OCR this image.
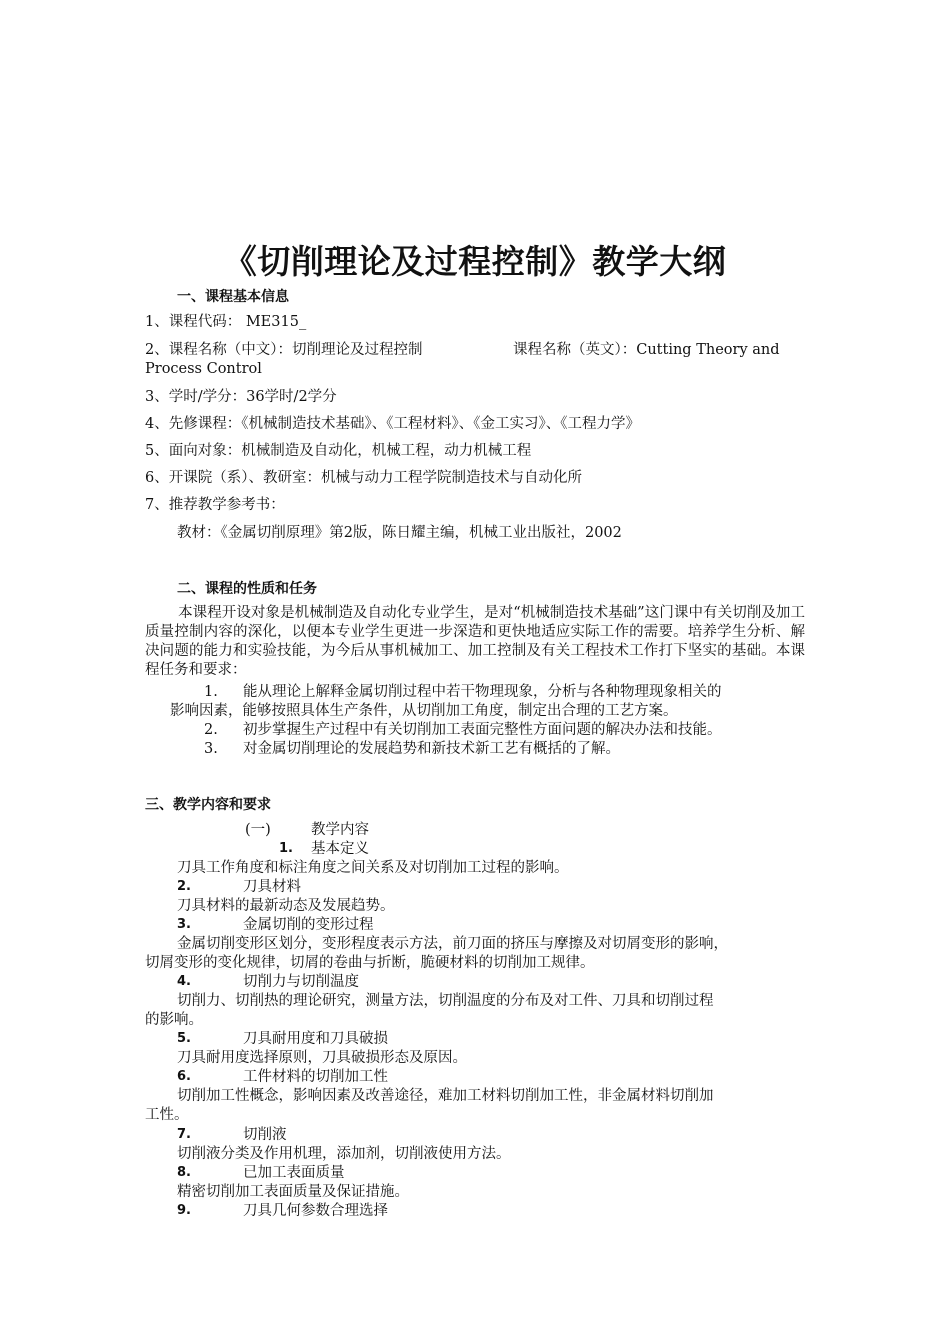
《切削理论及过程控制》教学大纲
一、课程基本信息
1、课程代码： ME315_
2、课程名称（中文）：切削理论及过程控制	课程名称（英文）：Cutting Theory and
Process Control
3、学时/学分：36学时/2学分
4、先修课程：《机械制造技术基础》、《工程材料》、《金工实习》、《工程力学》
5、面向对象：机械制造及自动化，机械工程，动力机械工程
6、开课院（系）、教研室：机械与动力工程学院制造技术与自动化所
7、推荐教学参考书：
教材：《金属切削原理》第2版，陈日耀主编，机械工业出版社，2002
二、课程的性质和任务
本课程开设对象是机械制造及自动化专业学生，是对“机械制造技术基础”这门课中有关切削及加工质量控制内容的深化，以便本专业学生更进一步深造和更快地适应实际工作的需要。培养学生分析、解决问题的能力和实验技能，为今后从事机械加工、加工控制及有关工程技术工作打下坚实的基础。本课程任务和要求：
1. 能从理论上解释金属切削过程中若干物理现象，分析与各种物理现象相关的
影响因素，能够按照具体生产条件，从切削加工角度，制定出合理的工艺方案。
2. 初步掌握生产过程中有关切削加工表面完整性方面问题的解决办法和技能。
3. 对金属切削理论的发展趋势和新技术新工艺有概括的了解。
三、教学内容和要求
(一)	教学内容
1. 基本定义
刀具工作角度和标注角度之间关系及对切削加工过程的影响。
2.	刀具材料
刀具材料的最新动态及发展趋势。
3.	金属切削的变形过程
金属切削变形区划分，变形程度表示方法，前刀面的挤压与摩擦及对切屑变形的影响，
切屑变形的变化规律，切屑的卷曲与折断，脆硬材料的切削加工规律。
4.	切削力与切削温度
切削力、切削热的理论研究，测量方法，切削温度的分布及对工件、刀具和切削过程
的影响。
5.	刀具耐用度和刀具破损
刀具耐用度选择原则，刀具破损形态及原因。
6.	工件材料的切削加工性
切削加工性概念，影响因素及改善途径，难加工材料切削加工性，非金属材料切削加
工性。
7.	切削液
切削液分类及作用机理，添加剂，切削液使用方法。
8.	已加工表面质量
精密切削加工表面质量及保证措施。
9.	刀具几何参数合理选择
